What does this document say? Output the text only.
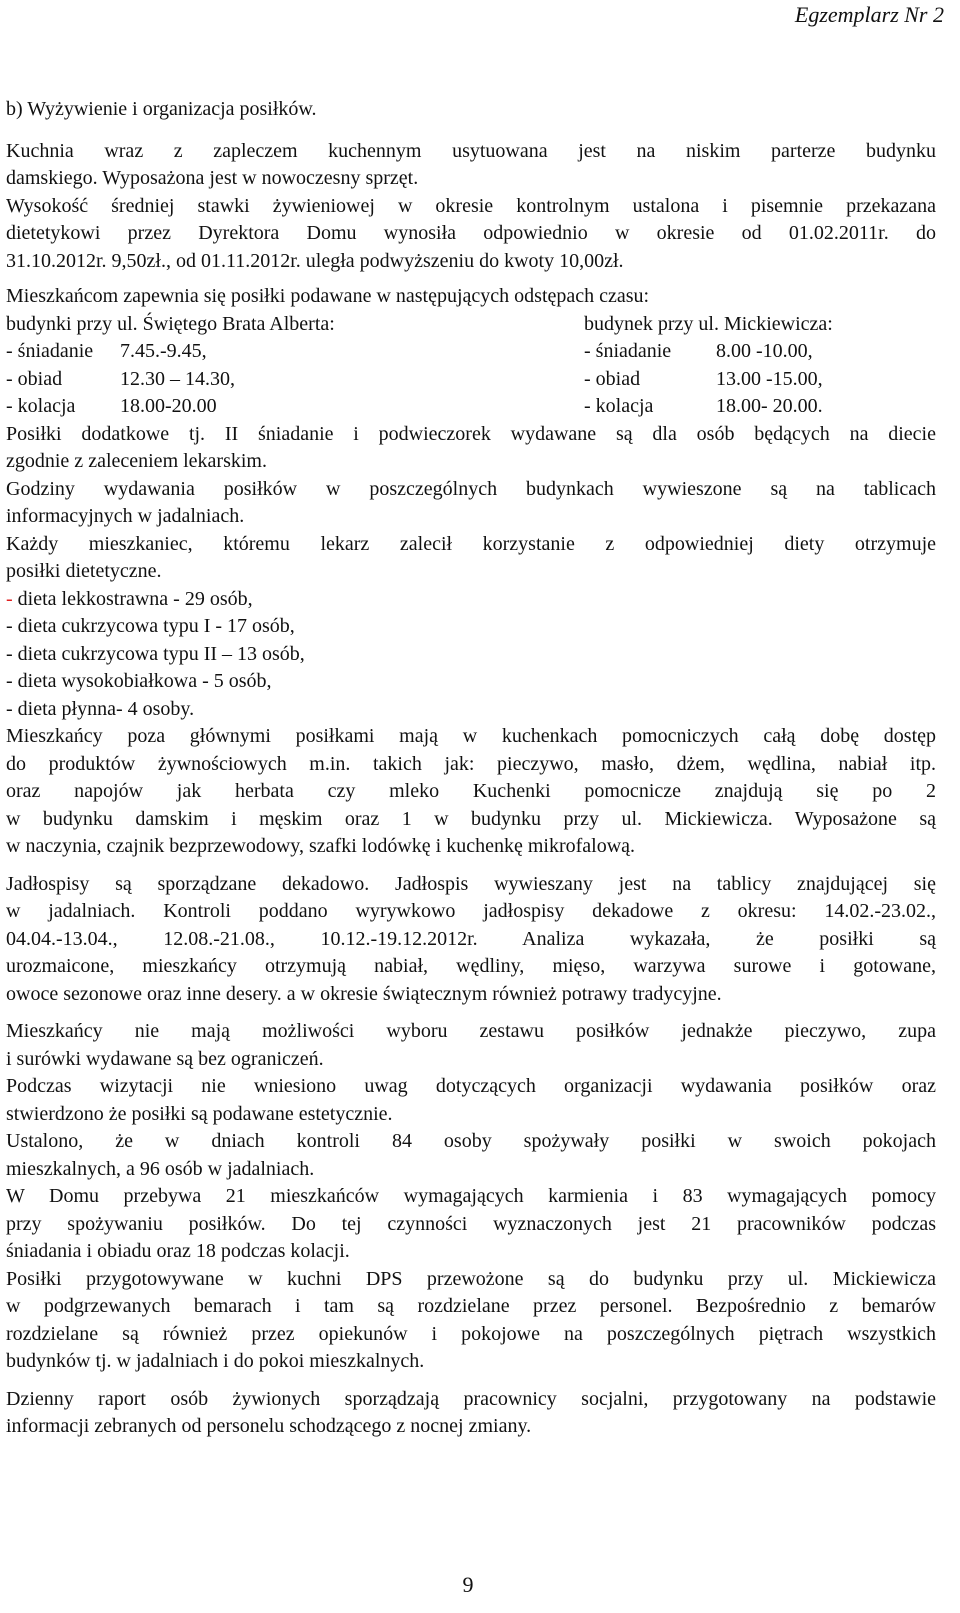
Egzemplarz Nr 2
b) Wyżywienie i organizacja posiłków.
Kuchnia wraz z zapleczem kuchennym usytuowana jest na niskim parterze budynku
damskiego. Wyposażona jest w nowoczesny sprzęt.
Wysokość średniej stawki żywieniowej w okresie kontrolnym ustalona i pisemnie przekazana
dietetykowi przez Dyrektora Domu wynosiła odpowiednio w okresie od 01.02.2011r. do
31.10.2012r. 9,50zł., od 01.11.2012r. uległa podwyższeniu do kwoty 10,00zł.
Mieszkańcom zapewnia się posiłki podawane w następujących odstępach czasu:
budynki przy ul. Świętego Brata Alberta:	budynek przy ul. Mickiewicza:
- śniadanie	7.45.-9.45,	- śniadanie	8.00 -10.00,
- obiad	12.30 – 14.30,	- obiad	13.00 -15.00,
- kolacja	18.00-20.00	- kolacja	18.00- 20.00.
Posiłki dodatkowe tj. II śniadanie i podwieczorek wydawane są dla osób będących na diecie
zgodnie z zaleceniem lekarskim.
Godziny wydawania posiłków w poszczególnych budynkach wywieszone są na tablicach
informacyjnych w jadalniach.
Każdy mieszkaniec, któremu lekarz zalecił korzystanie z odpowiedniej diety otrzymuje
posiłki dietetyczne.
- dieta lekkostrawna - 29 osób,
- dieta cukrzycowa typu I - 17 osób,
- dieta cukrzycowa typu II – 13 osób,
- dieta wysokobiałkowa - 5 osób,
- dieta płynna- 4 osoby.
Mieszkańcy poza głównymi posiłkami mają w kuchenkach pomocniczych całą dobę dostęp
do produktów żywnościowych m.in. takich jak: pieczywo, masło, dżem, wędlina, nabiał itp.
oraz napojów jak herbata czy mleko Kuchenki pomocnicze znajdują się po 2
w budynku damskim i męskim oraz 1 w budynku przy ul. Mickiewicza. Wyposażone są
w naczynia, czajnik bezprzewodowy, szafki lodówkę i kuchenkę mikrofalową.
Jadłospisy są sporządzane dekadowo. Jadłospis wywieszany jest na tablicy znajdującej się
w jadalniach. Kontroli poddano wyrywkowo jadłospisy dekadowe z okresu: 14.02.-23.02.,
04.04.-13.04., 12.08.-21.08., 10.12.-19.12.2012r. Analiza wykazała, że posiłki są
urozmaicone, mieszkańcy otrzymują nabiał, wędliny, mięso, warzywa surowe i gotowane,
owoce sezonowe oraz inne desery. a w okresie świątecznym również potrawy tradycyjne.
Mieszkańcy nie mają możliwości wyboru zestawu posiłków jednakże pieczywo, zupa
i surówki wydawane są bez ograniczeń.
Podczas wizytacji nie wniesiono uwag dotyczących organizacji wydawania posiłków oraz
stwierdzono że posiłki są podawane estetycznie.
Ustalono, że w dniach kontroli 84 osoby spożywały posiłki w swoich pokojach
mieszkalnych, a 96 osób w jadalniach.
W Domu przebywa 21 mieszkańców wymagających karmienia i 83 wymagających pomocy
przy spożywaniu posiłków. Do tej czynności wyznaczonych jest 21 pracowników podczas
śniadania i obiadu oraz 18 podczas kolacji.
Posiłki przygotowywane w kuchni DPS przewożone są do budynku przy ul. Mickiewicza
w podgrzewanych bemarach i tam są rozdzielane przez personel. Bezpośrednio z bemarów
rozdzielane są również przez opiekunów i pokojowe na poszczególnych piętrach wszystkich
budynków tj. w jadalniach i do pokoi mieszkalnych.
Dzienny raport osób żywionych sporządzają pracownicy socjalni, przygotowany na podstawie
informacji zebranych od personelu schodzącego z nocnej zmiany.
9
